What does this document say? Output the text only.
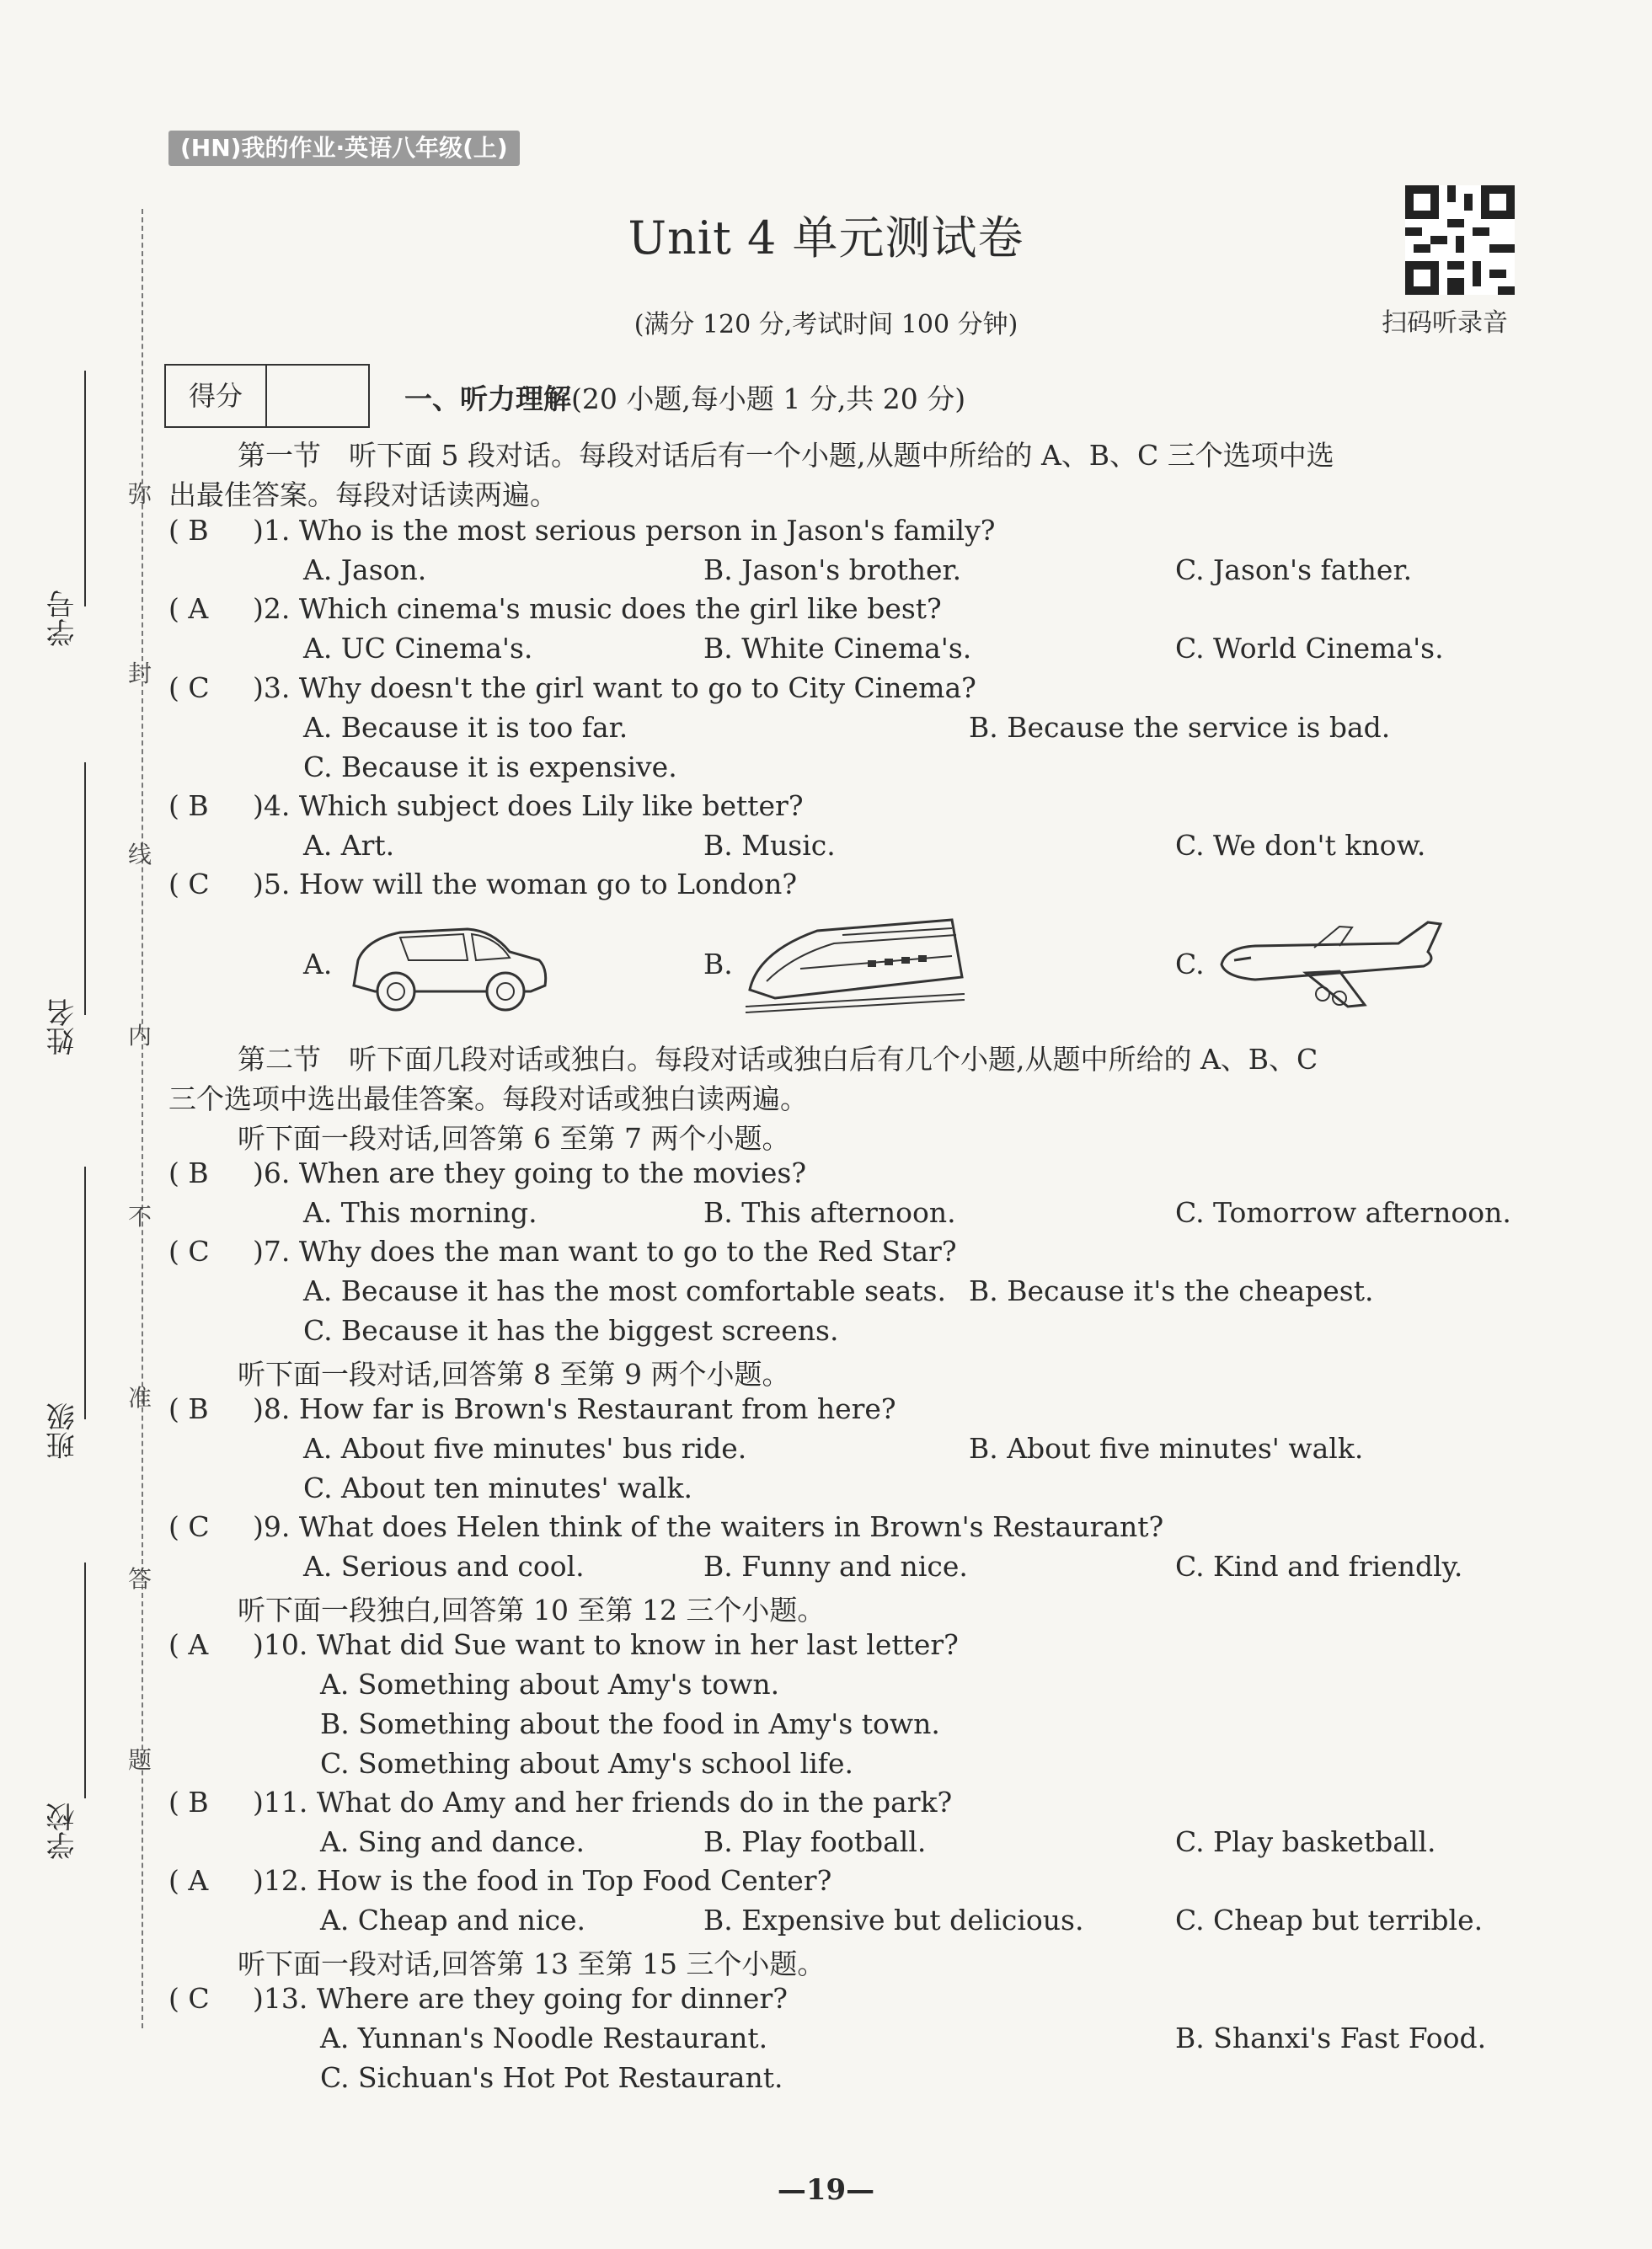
学号
姓名
班级
学校
弥
封
线
内
不
准
答
题
(HN)我的作业·英语八年级(上)
Unit 4 单元测试卷
(满分 120 分,考试时间 100 分钟)	扫码听录音
得分	一、听力理解(20 小题,每小题 1 分,共 20 分)
第一节　听下面 5 段对话。每段对话后有一个小题,从题中所给的 A、B、C 三个选项中选
出最佳答案。每段对话读两遍。
( B )1. Who is the most serious person in Jason's family?
A. Jason.	B. Jason's brother.	C. Jason's father.
( A )2. Which cinema's music does the girl like best?
A. UC Cinema's.	B. White Cinema's.	C. World Cinema's.
( C )3. Why doesn't the girl want to go to City Cinema?
A. Because it is too far.	B. Because the service is bad.
C. Because it is expensive.
( B )4. Which subject does Lily like better?
A. Art.	B. Music.	C. We don't know.
( C )5. How will the woman go to London?
A.	B.	C.
第二节　听下面几段对话或独白。每段对话或独白后有几个小题,从题中所给的 A、B、C
三个选项中选出最佳答案。每段对话或独白读两遍。
听下面一段对话,回答第 6 至第 7 两个小题。
( B )6. When are they going to the movies?
A. This morning.	B. This afternoon.	C. Tomorrow afternoon.
( C )7. Why does the man want to go to the Red Star?
A. Because it has the most comfortable seats. B. Because it's the cheapest.
C. Because it has the biggest screens.
听下面一段对话,回答第 8 至第 9 两个小题。
( B )8. How far is Brown's Restaurant from here?
A. About five minutes' bus ride.	B. About five minutes' walk.
C. About ten minutes' walk.
( C )9. What does Helen think of the waiters in Brown's Restaurant?
A. Serious and cool.	B. Funny and nice.	C. Kind and friendly.
听下面一段独白,回答第 10 至第 12 三个小题。
( A )10. What did Sue want to know in her last letter?
A. Something about Amy's town.
B. Something about the food in Amy's town.
C. Something about Amy's school life.
( B )11. What do Amy and her friends do in the park?
A. Sing and dance.	B. Play football.	C. Play basketball.
( A )12. How is the food in Top Food Center?
A. Cheap and nice.	B. Expensive but delicious.	C. Cheap but terrible.
听下面一段对话,回答第 13 至第 15 三个小题。
( C )13. Where are they going for dinner?
A. Yunnan's Noodle Restaurant.	B. Shanxi's Fast Food.
C. Sichuan's Hot Pot Restaurant.
—19—
